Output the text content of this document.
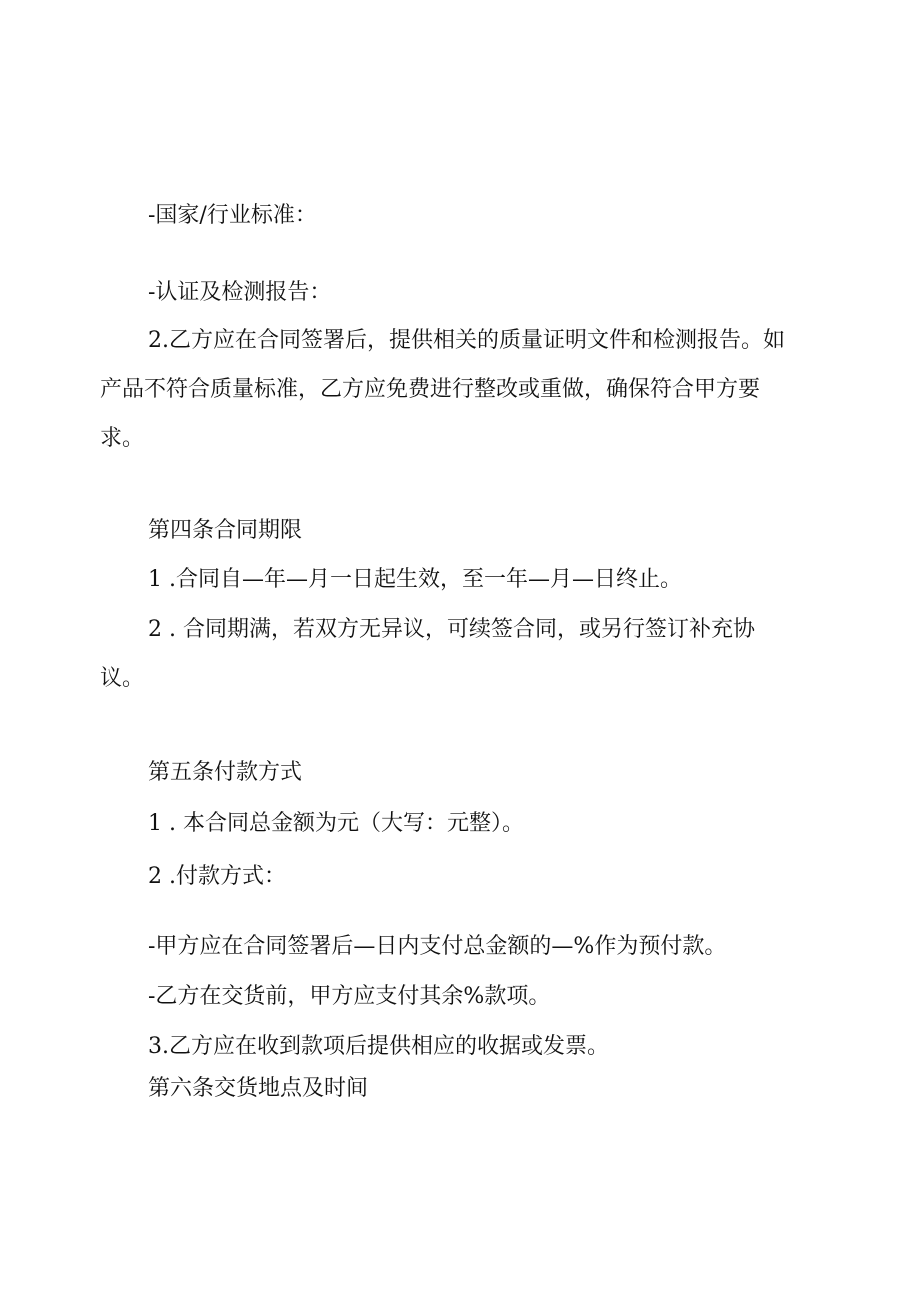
-国家/行业标准：
-认证及检测报告：
2.乙方应在合同签署后，提供相关的质量证明文件和检测报告。如
产品不符合质量标准，乙方应免费进行整改或重做，确保符合甲方要
求。
第四条合同期限
1 .合同自—年—月一日起生效，至一年—月—日终止。
2 . 合同期满，若双方无异议，可续签合同，或另行签订补充协
议。
第五条付款方式
1 . 本合同总金额为元（大写：元整）。
2 .付款方式：
-甲方应在合同签署后—日内支付总金额的—%作为预付款。
-乙方在交货前，甲方应支付其余%款项。
3.乙方应在收到款项后提供相应的收据或发票。
第六条交货地点及时间
